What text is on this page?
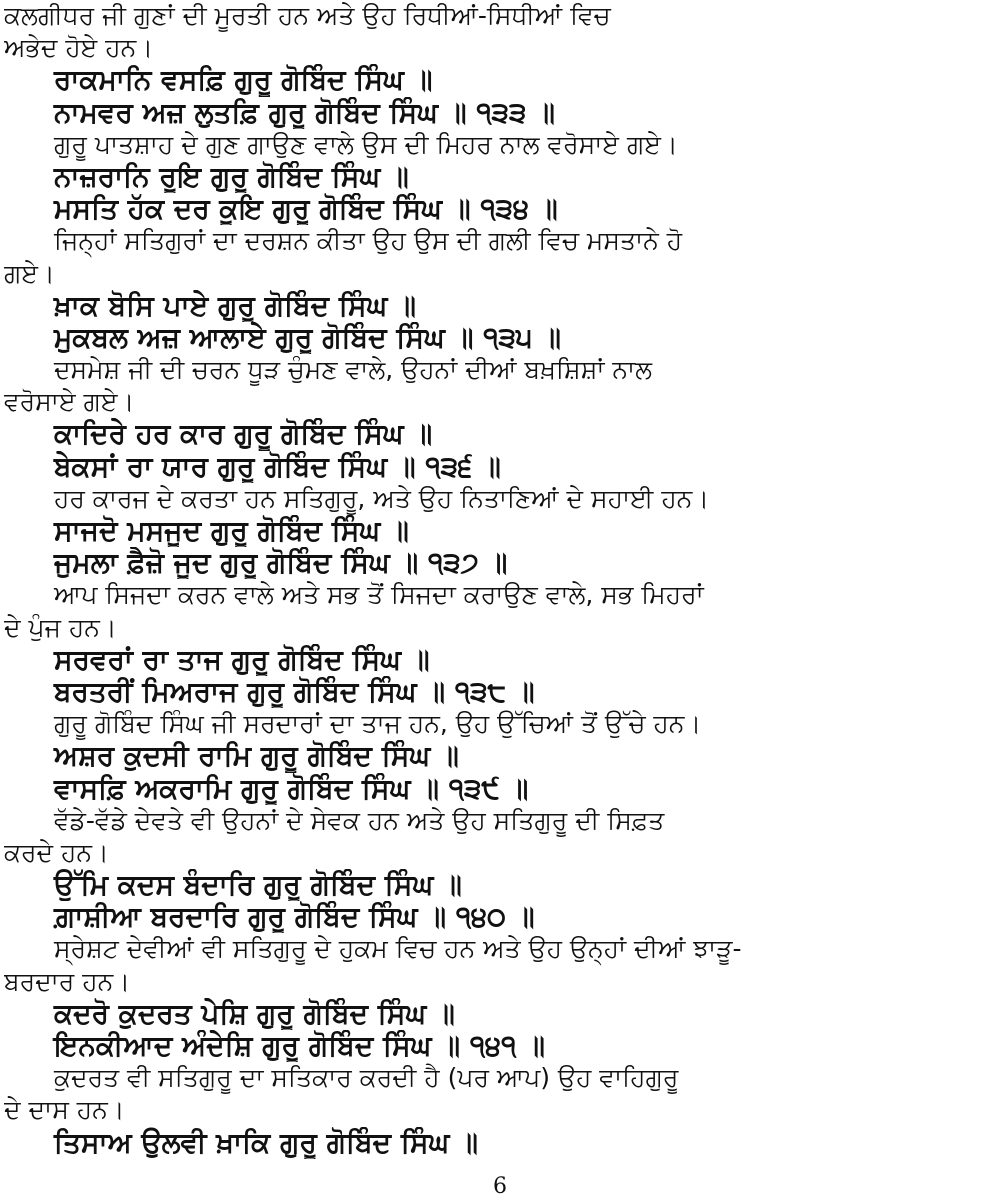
ਕਲਗੀਧਰ ਜੀ ਗੁਣਾਂ ਦੀ ਮੂਰਤੀ ਹਨ ਅਤੇ ਉਹ ਰਿਧੀਆਂ-ਸਿਧੀਆਂ ਵਿਚ
ਅਭੇਦ ਹੋਏ ਹਨ।
ਰਾਕਮਾਨਿ ਵਸਫ਼ਿ ਗੁਰੂ ਗੋਬਿੰਦ ਸਿੰਘ ॥
ਨਾਮਵਰ ਅਜ਼ ਲੁਤਫ਼ਿ ਗੁਰੂ ਗੋਬਿੰਦ ਸਿੰਘ ॥ ੧੩੩ ॥
ਗੁਰੂ ਪਾਤਸ਼ਾਹ ਦੇ ਗੁਣ ਗਾਉਣ ਵਾਲੇ ਉਸ ਦੀ ਮਿਹਰ ਨਾਲ ਵਰੋਸਾਏ ਗਏ।
ਨਾਜ਼ਰਾਨਿ ਰੂਇ ਗੁਰੂ ਗੋਬਿੰਦ ਸਿੰਘ ॥
ਮਸਤਿ ਹੱਕ ਦਰ ਕੂਇ ਗੁਰੂ ਗੋਬਿੰਦ ਸਿੰਘ ॥ ੧੩੪ ॥
ਜਿਨ੍ਹਾਂ ਸਤਿਗੁਰਾਂ ਦਾ ਦਰਸ਼ਨ ਕੀਤਾ ਉਹ ਉਸ ਦੀ ਗਲੀ ਵਿਚ ਮਸਤਾਨੇ ਹੋ
ਗਏ।
ਖ਼ਾਕ ਬੋਸਿ ਪਾਏ ਗੁਰੂ ਗੋਬਿੰਦ ਸਿੰਘ ॥
ਮੁਕਬਲ ਅਜ਼ ਆਲਾਏ ਗੁਰੂ ਗੋਬਿੰਦ ਸਿੰਘ ॥ ੧੩੫ ॥
ਦਸਮੇਸ਼ ਜੀ ਦੀ ਚਰਨ ਧੂੜ ਚੁੰਮਣ ਵਾਲੇ, ਉਹਨਾਂ ਦੀਆਂ ਬਖ਼ਸ਼ਿਸ਼ਾਂ ਨਾਲ
ਵਰੋਸਾਏ ਗਏ।
ਕਾਦਿਰੇ ਹਰ ਕਾਰ ਗੁਰੂ ਗੋਬਿੰਦ ਸਿੰਘ ॥
ਬੇਕਸਾਂ ਰਾ ਯਾਰ ਗੁਰੂ ਗੋਬਿੰਦ ਸਿੰਘ ॥ ੧੩੬ ॥
ਹਰ ਕਾਰਜ ਦੇ ਕਰਤਾ ਹਨ ਸਤਿਗੁਰੂ, ਅਤੇ ਉਹ ਨਿਤਾਣਿਆਂ ਦੇ ਸਹਾਈ ਹਨ।
ਸਾਜਦੋ ਮਸਜੂਦ ਗੁਰੂ ਗੋਬਿੰਦ ਸਿੰਘ ॥
ਜੁਮਲਾ ਫ਼ੈਜ਼ੋ ਜੂਦ ਗੁਰੂ ਗੋਬਿੰਦ ਸਿੰਘ ॥ ੧੩੭ ॥
ਆਪ ਸਿਜਦਾ ਕਰਨ ਵਾਲੇ ਅਤੇ ਸਭ ਤੋਂ ਸਿਜਦਾ ਕਰਾਉਣ ਵਾਲੇ, ਸਭ ਮਿਹਰਾਂ
ਦੇ ਪੁੰਜ ਹਨ।
ਸਰਵਰਾਂ ਰਾ ਤਾਜ ਗੁਰੂ ਗੋਬਿੰਦ ਸਿੰਘ ॥
ਬਰਤਰੀਂ ਮਿਅਰਾਜ ਗੁਰੂ ਗੋਬਿੰਦ ਸਿੰਘ ॥ ੧੩੮ ॥
ਗੁਰੂ ਗੋਬਿੰਦ ਸਿੰਘ ਜੀ ਸਰਦਾਰਾਂ ਦਾ ਤਾਜ ਹਨ, ਉਹ ਉੱਚਿਆਂ ਤੋਂ ਉੱਚੇ ਹਨ।
ਅਸ਼ਰ ਕੁਦਸੀ ਰਾਮਿ ਗੁਰੂ ਗੋਬਿੰਦ ਸਿੰਘ ॥
ਵਾਸਫ਼ਿ ਅਕਰਾਮਿ ਗੁਰੂ ਗੋਬਿੰਦ ਸਿੰਘ ॥ ੧੩੯ ॥
ਵੱਡੇ-ਵੱਡੇ ਦੇਵਤੇ ਵੀ ਉਹਨਾਂ ਦੇ ਸੇਵਕ ਹਨ ਅਤੇ ਉਹ ਸਤਿਗੁਰੂ ਦੀ ਸਿਫ਼ਤ
ਕਰਦੇ ਹਨ।
ਉੱਮਿ ਕਦਸ ਬੰਦਾਰਿ ਗੁਰੂ ਗੋਬਿੰਦ ਸਿੰਘ ॥
ਗ਼ਾਸ਼ੀਆ ਬਰਦਾਰਿ ਗੁਰੂ ਗੋਬਿੰਦ ਸਿੰਘ ॥ ੧੪੦ ॥
ਸ੍ਰੇਸ਼ਟ ਦੇਵੀਆਂ ਵੀ ਸਤਿਗੁਰੂ ਦੇ ਹੁਕਮ ਵਿਚ ਹਨ ਅਤੇ ਉਹ ਉਨ੍ਹਾਂ ਦੀਆਂ ਝਾੜੂ-
ਬਰਦਾਰ ਹਨ।
ਕਦਰੋ ਕੁਦਰਤ ਪੇਸ਼ਿ ਗੁਰੂ ਗੋਬਿੰਦ ਸਿੰਘ ॥
ਇਨਕੀਆਦ ਅੰਦੇਸ਼ਿ ਗੁਰੂ ਗੋਬਿੰਦ ਸਿੰਘ ॥ ੧੪੧ ॥
ਕੁਦਰਤ ਵੀ ਸਤਿਗੁਰੂ ਦਾ ਸਤਿਕਾਰ ਕਰਦੀ ਹੈ (ਪਰ ਆਪ) ਉਹ ਵਾਹਿਗੁਰੂ
ਦੇ ਦਾਸ ਹਨ।
ਤਿਸਾਅ ਉਲਵੀ ਖ਼ਾਕਿ ਗੁਰੂ ਗੋਬਿੰਦ ਸਿੰਘ ॥
6
